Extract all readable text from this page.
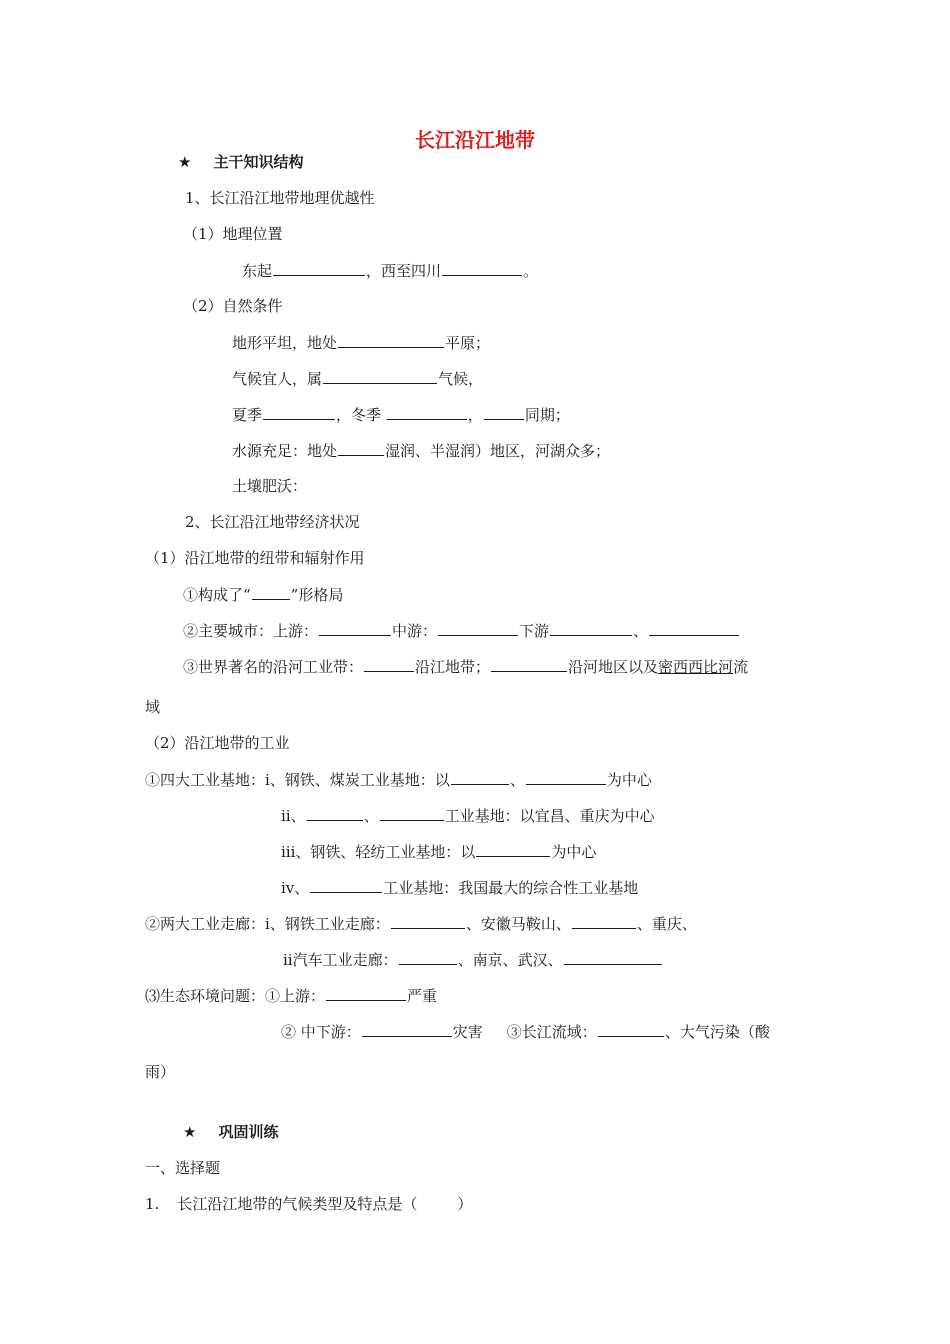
长江沿江地带
★ 主干知识结构
1、长江沿江地带地理优越性
（1）地理位置
东起	，西至四川	。
（2）自然条件
地形平坦，地处	平原；
气候宜人，属	气候，
夏季	，冬季	，	同期；
水源充足：地处	湿润、半湿润）地区，河湖众多；
土壤肥沃：
2、长江沿江地带经济状况
（1）沿江地带的纽带和辐射作用
①构成了“	”形格局
②主要城市：上游：	中游：	下游	、
③世界著名的沿河工业带：	沿江地带；	沿河地区以及密西西比河流
域
（2）沿江地带的工业
①四大工业基地：ⅰ、钢铁、煤炭工业基地：以	、	为中心
ⅱ、	、	工业基地：以宜昌、重庆为中心
ⅲ、钢铁、轻纺工业基地：以	为中心
ⅳ、	工业基地：我国最大的综合性工业基地
②两大工业走廊：ⅰ、钢铁工业走廊：	、安徽马鞍山、	、重庆、
ⅱ汽车工业走廊：	、南京、武汉、
⑶生态环境问题：①上游：	严重
② 中下游：	灾害 ③长江流域：	、大气污染（酸
雨）
★ 巩固训练
一、选择题
1. 长江沿江地带的气候类型及特点是（	）
